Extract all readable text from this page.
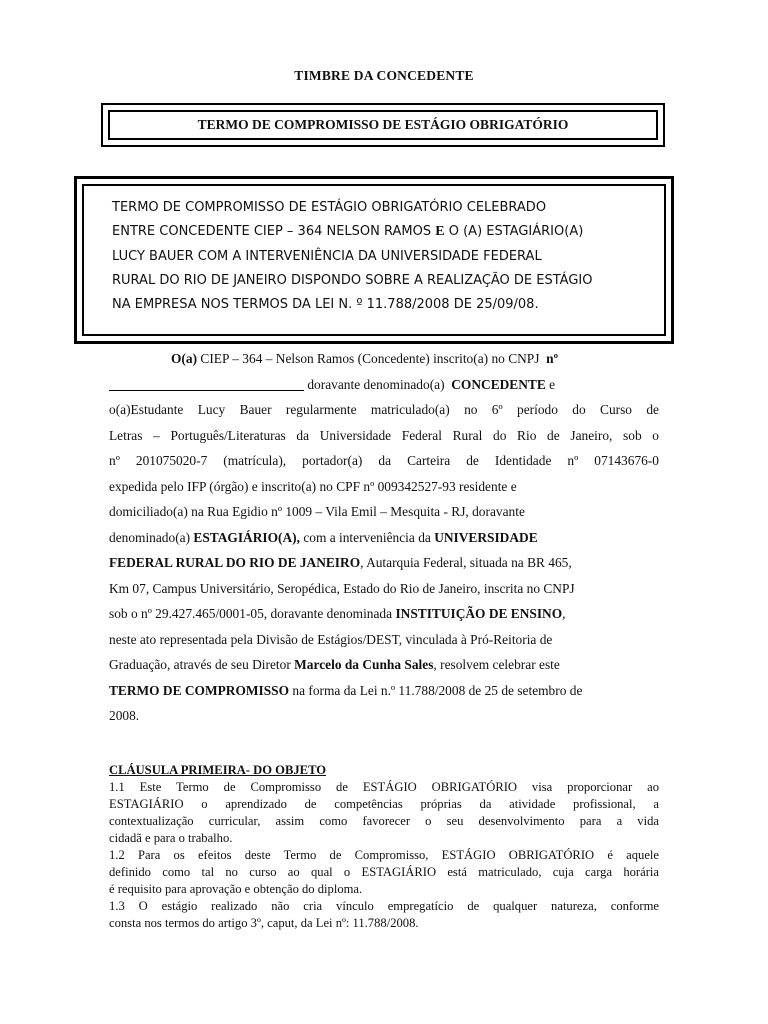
TIMBRE DA CONCEDENTE
TERMO DE COMPROMISSO DE ESTÁGIO OBRIGATÓRIO
TERMO DE COMPROMISSO DE ESTÁGIO OBRIGATÓRIO CELEBRADO
ENTRE CONCEDENTE CIEP – 364 NELSON RAMOS E O (A) ESTAGIÁRIO(A)
LUCY BAUER COM A INTERVENIÊNCIA DA UNIVERSIDADE FEDERAL
RURAL DO RIO DE JANEIRO DISPONDO SOBRE A REALIZAÇÃO DE ESTÁGIO
NA EMPRESA NOS TERMOS DA LEI N. º 11.788/2008 DE 25/09/08.
O(a) CIEP – 364 – Nelson Ramos (Concedente) inscrito(a) no CNPJ nº
doravante denominado(a) CONCEDENTE e
o(a)Estudante Lucy Bauer regularmente matriculado(a) no 6º período do Curso de
Letras – Português/Literaturas da Universidade Federal Rural do Rio de Janeiro, sob o
nº 201075020-7 (matrícula), portador(a) da Carteira de Identidade nº 07143676-0
expedida pelo IFP (órgão) e inscrito(a) no CPF nº 009342527-93 residente e
domiciliado(a) na Rua Egidio nº 1009 – Vila Emil – Mesquita - RJ, doravante
denominado(a) ESTAGIÁRIO(A), com a interveniência da UNIVERSIDADE
FEDERAL RURAL DO RIO DE JANEIRO, Autarquia Federal, situada na BR 465,
Km 07, Campus Universitário, Seropédica, Estado do Rio de Janeiro, inscrita no CNPJ
sob o nº 29.427.465/0001-05, doravante denominada INSTITUIÇÃO DE ENSINO,
neste ato representada pela Divisão de Estágios/DEST, vinculada à Pró-Reitoria de
Graduação, através de seu Diretor Marcelo da Cunha Sales, resolvem celebrar este
TERMO DE COMPROMISSO na forma da Lei n.º 11.788/2008 de 25 de setembro de
2008.
CLÁUSULA PRIMEIRA- DO OBJETO
1.1 Este Termo de Compromisso de ESTÁGIO OBRIGATÓRIO visa proporcionar ao
ESTAGIÁRIO o aprendizado de competências próprias da atividade profissional, a
contextualização curricular, assim como favorecer o seu desenvolvimento para a vida
cidadã e para o trabalho.
1.2 Para os efeitos deste Termo de Compromisso, ESTÁGIO OBRIGATÓRIO é aquele
definido como tal no curso ao qual o ESTAGIÁRIO está matriculado, cuja carga horária
é requisito para aprovação e obtenção do diploma.
1.3 O estágio realizado não cria vínculo empregatício de qualquer natureza, conforme
consta nos termos do artigo 3º, caput, da Lei nº: 11.788/2008.
